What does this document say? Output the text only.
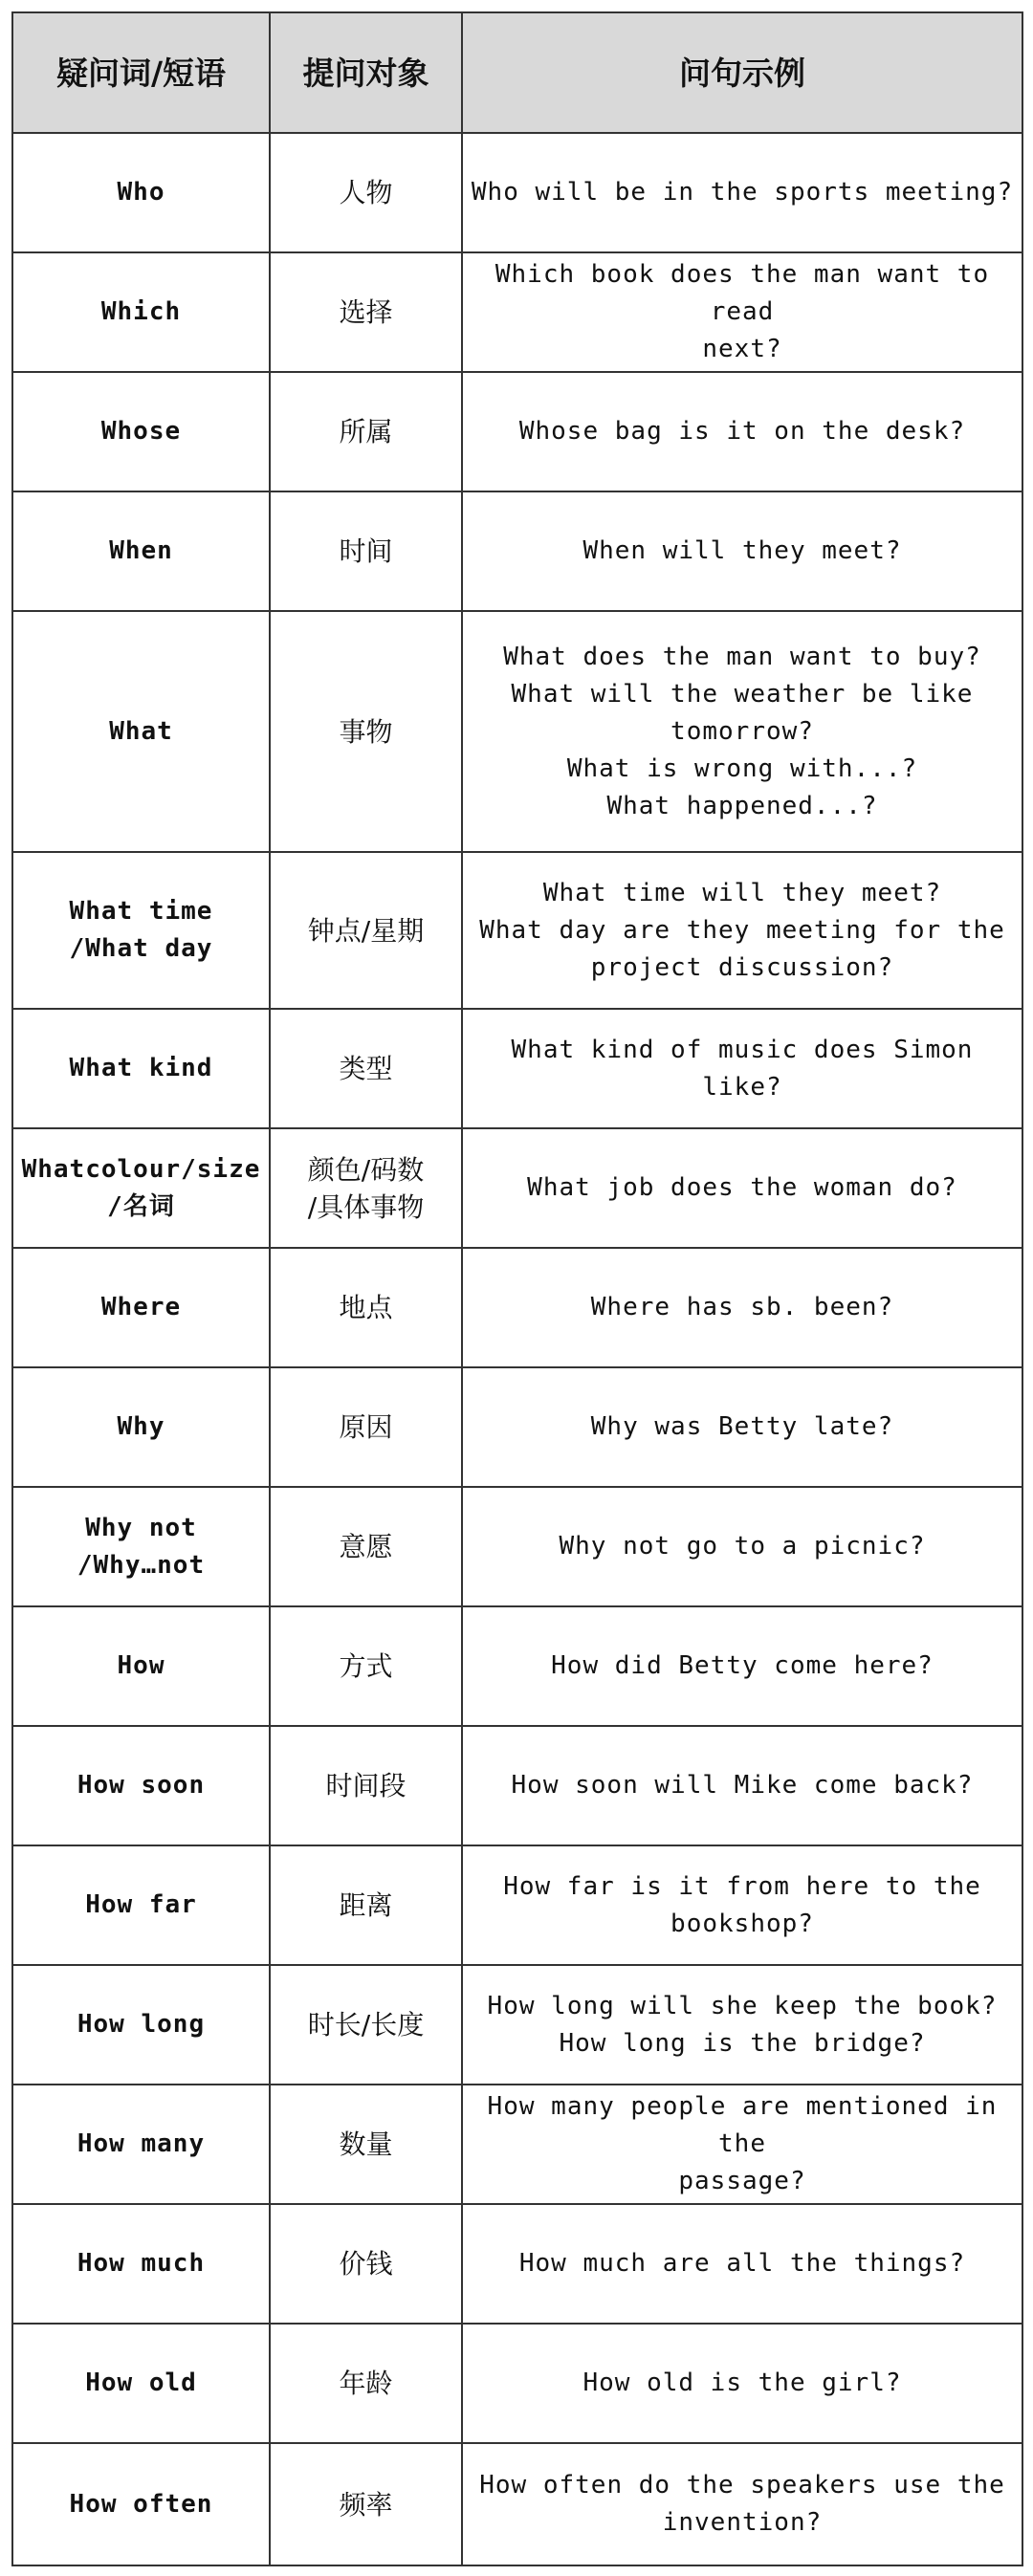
疑问词/短语	提问对象	问句示例

Who	人物	Who will be in the sports meeting?

Which	选择	Which book does the man want to read
next?

Whose	所属	Whose bag is it on the desk?

When	时间	When will they meet?

What	事物	What does the man want to buy?
What will the weather be like
tomorrow?
What is wrong with...?
What happened...?

What time
/What day	钟点/星期	What time will they meet?
What day are they meeting for the
project discussion?

What kind	类型	What kind of music does Simon like?

Whatcolour/size
/名词	颜色/码数
/具体事物	What job does the woman do?

Where	地点	Where has sb. been?

Why	原因	Why was Betty late?

Why not
/Why…not	意愿	Why not go to a picnic?

How	方式	How did Betty come here?

How soon	时间段	How soon will Mike come back?

How far	距离	How far is it from here to the
bookshop?

How long	时长/长度	How long will she keep the book?
How long is the bridge?

How many	数量	How many people are mentioned in the
passage?

How much	价钱	How much are all the things?

How old	年龄	How old is the girl?

How often	频率	How often do the speakers use the
invention?
